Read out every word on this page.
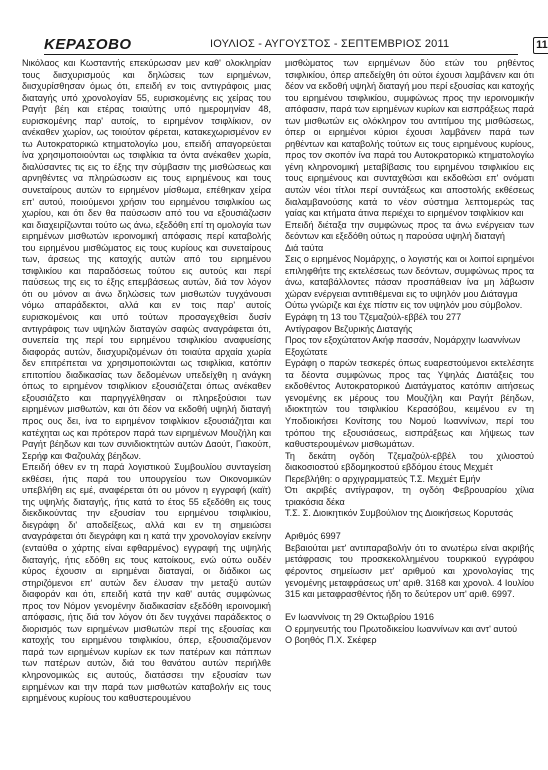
ΚΕΡΑΣΟΒΟ	ΙΟΥΛΙΟΣ - ΑΥΓΟΥΣΤΟΣ - ΣΕΠΤΕΜΒΡΙΟΣ 2011	11

Νικόλαος και Κωσταντής επεκύρωσαν μεν καθ' ολοκληρίαν τους διισχυρισμούς και δηλώσεις των ειρημένων, διισχυρίσθησαν όμως ότι, επειδή εν τοις αντιγράφοις μιας διαταγής υπό χρονολογίαν 55, ευρισκομένης εις χείρας του Ραγήτ βέη και ετέρας τοιαύτης υπό ημερομηνίαν 48, ευρισκομένης παρ' αυτοίς, το ειρημένον τσιφλίκιον, ον ανέκαθεν χωρίον, ως τοιούτον φέρεται, κατακεχωρισμένον εν τω Αυτοκρατορικώ κτηματολογίω μου, επειδή απαγορεύεται ίνα χρησιμοποιούνται ως τσιφλίκια τα όντα ανέκαθεν χωρία, διαλύσαντες τις εις το έξης την σύμβασιν της μισθώσεως και αρνηθέντες να πληρώσωσιν εις τους ειρημένους και τους συνεταίρους αυτών το ειρημένον μίσθωμα, επέθηκαν χείρα επ' αυτού, ποιούμενοι χρήσιν του ειρημένου τσιφλικίου ως χωρίου, και ότι δεν θα παύσωσιν από του να εξουσιάζωσιν και διαχειρίζωνται τούτο ως άνω, εξεδόθη επί τη ομολογία των ειρημένων μισθωτών ιεροινομική απόφασις περί καταβολής του ειρημένου μισθώματος εις τους κυρίους και συνεταίρους των, άρσεως της κατοχής αυτών από του ειρημένου τσιφλικίου και παραδόσεως τούτου εις αυτούς και περί παύσεως της εις το έξης επεμβάσεως αυτών, διά τον λόγον ότι ου μόνον αι άνω δηλώσεις των μισθωτών τυγχάνουσι νόμω απαράδεκτοι, αλλά και εν τοις παρ' αυτοίς ευρισκομένοις και υπό τούτων προσαγεχθείσι δυσίν αντιγράφοις των υψηλών διαταγών σαφώς αναγράφεται ότι, συνεπεία της περί του ειρημένου τσιφλικίου αναφυείσης διαφοράς αυτών, διισχυριζομένων ότι τοιαύτα αρχαία χωρία δεν επιτρέπεται να χρησιμοποιώνται ως τσιφλίκια, κατόπιν επιτοπίου διαδικασίας των δεδομένων υπεδείχθη η ανάγκη όπως το ειρημένον τσιφλίκιον εξουσιάζεται όπως ανέκαθεν εξουσιάζετο και παρηγγέλθησαν οι πληρεξούσιοι των ειρημένων μισθωτών, και ότι δέον να εκδοθή υψηλή διαταγή προς ους δει, ίνα το ειρημένον τσιφλίκιον εξουσιάζηται και κατέχηται ως και πρότερον παρά των ειρημένων Μουζήλη και Ραγήτ βέηδων και των συνιδιοκτητών αυτών Δαούτ, Γιακούπ, Σερήφ και Φαζουλάχ βέηδων.

Επειδή όθεν εν τη παρά λογιστικού Συμβουλίου συνταγείση εκθέσει, ήτις παρά του υπουργείου των Οικονομικών υπεβλήθη εις εμέ, αναφέρεται ότι ου μόνον η εγγραφή (καϊτ) της υψηλής διαταγής, ήτις κατά το έτος 55 εξεδόθη εις τους διεκδικούντας την εξουσίαν του ειρημένου τσιφλικίου, διεγράφη δι' αποδείξεως, αλλά και εν τη σημειώσει αναγράφεται ότι διεγράφη και η κατά την χρονολογίαν εκείνην (ενταύθα ο χάρτης είναι εφθαρμένος) εγγραφή της υψηλής διαταγής, ήτις εδόθη εις τους κατοίκους, ενώ ούτω ουδέν κύρος έχουσιν αι ειρημέναι διαταγαί, οι διάδικοι ως στηριζόμενοι επ' αυτών δεν έλυσαν την μεταξύ αυτών διαφοράν και ότι, επειδή κατά την καθ' αυτάς συμφώνως προς τον Νόμον γενομένην διαδικασίαν εξεδόθη ιεροινομική απόφασις, ήτις διά τον λόγον ότι δεν τυγχάνει παράδεκτος ο διορισμός των ειρημένων μισθωτών περί της εξουσίας και κατοχής του ειρημένου τσιφλικίου, όπερ, εξουσιαζόμενον παρά των ειρημένων κυρίων εκ των πατέρων και πάππων των πατέρων αυτών, διά του θανάτου αυτών περιήλθε κληρονομικώς εις αυτούς, διατάσσει την εξουσίαν των ειρημένων και την παρά των μισθωτών καταβολήν εις τους ειρημένους κυρίους του καθυστερουμένου

μισθώματος των ειρημένων δύο ετών του ρηθέντος τσιφλικίου, όπερ απεδείχθη ότι ούτοι έχουσι λαμβάνειν και ότι δέον να εκδοθή υψηλή διαταγή μου περί εξουσίας και κατοχής του ειρημένου τσιφλικίου, συμφώνως προς την ιεροινομικήν απόφασιν, παρά των ειρημένων κυρίων και εισπράξεως παρά των μισθωτών εις ολόκληρον του αντιτίμου της μισθώσεως, όπερ οι ειρημένοι κύριοι έχουσι λαμβάνειν παρά των ρηθέντων και καταβολής τούτων εις τους ειρημένους κυρίους, προς τον σκοπόν ίνα παρά του Αυτοκρατορικώ κτηματολογίω γένη κληρονομική μεταβίβασις του ειρημένου τσιφλικίου εις τους ειρημένους και συνταχθώσι και εκδοθώσι επ' ονόματι αυτών νέοι τίτλοι περί συντάξεως και αποστολής εκθέσεως διαλαμβανούσης κατά το νέον σύστημα λεπτομερώς τας γαίας και κτήματα άτινα περιέχει το ειρημένον τσιφλίκιον και

Επειδή διέταξα την συμφώνως προς τα άνω ενέργειαν των δεόντων και εξεδόθη ούτως η παρούσα υψηλή διαταγή

Διά ταύτα

Σεις ο ειρημένος Νομάρχης, ο λογιστής και οι λοιποί ειρημένοι επιληφθήτε της εκτελέσεως των δεόντων, συμφώνως προς τα άνω, καταβάλλοντες πάσαν προσπάθειαν ίνα μη λάβωσιν χώραν ενέργειαι αντιτιθέμεναι εις το υψηλόν μου Διάταγμα

Ούτω γνώριζε και έχε πίστιν εις τον υψηλόν μου σύμβολον.

Εγράφη τη 13 του Τζεμαζούλ-εββέλ του 277

Αντίγραφον Βεζυρικής Διαταγής

Προς τον εξοχώτατον Ακήφ πασσάν, Νομάρχην Ιωαννίνων

Εξοχώτατε

Εγράφη ο παρών τεσκερές όπως ευαρεστούμενοι εκτελέσητε τα δέοντα συμφώνως προς τας Υψηλάς Διατάξεις του εκδοθέντος Αυτοκρατορικού Διατάγματος κατόπιν αιτήσεως γενομένης εκ μέρους του Μουζήλη και Ραγήτ βέηδων, ιδιοκτητών του τσιφλικίου Κερασόβου, κειμένου εν τη Υποδιοικήσει Κονίτσης του Νομού Ιωαννίνων, περί του τρόπου της εξουσιάσεως, εισπράξεως και λήψεως των καθυστερουμένων μισθωμάτων.

Τη δεκάτη ογδόη Τζεμαζούλ-εββέλ του χιλιοστού διακοσιοστού εβδομηκοστού εβδόμου έτους Μεχμέτ

Περεβλήθη: ο αρχιγραμματεύς Τ.Σ. Μεχμέτ Εμήν

Ότι ακριβές αντίγραφον, τη ογδόη Φεβρουαρίου χίλια τριακόσια δέκα

Τ.Σ. Σ. Διοικητικόν Συμβούλιον της Διοικήσεως Κορυτσάς

Αριθμός 6997

Βεβαιούται μετ' αντιπαραβολήν ότι το ανωτέρω είναι ακριβής μετάφρασις του προσκεκολλημένου τουρκικού εγγράφου φέροντος σημείωσιν μετ' αριθμού και χρονολογίας της γενομένης μεταφράσεως υπ' αριθ. 3168 και χρονολ. 4 Ιουλίου 315 και μεταφρασθέντος ήδη το δεύτερον υπ' αριθ. 6997.

Εν Ιωαννίνοις τη 29 Οκτωβρίου 1916

Ο ερμηνευτής του Πρωτοδικείου Ιωαννίνων και αντ' αυτού

Ο βοηθός Π.Χ. Σκέφερ
